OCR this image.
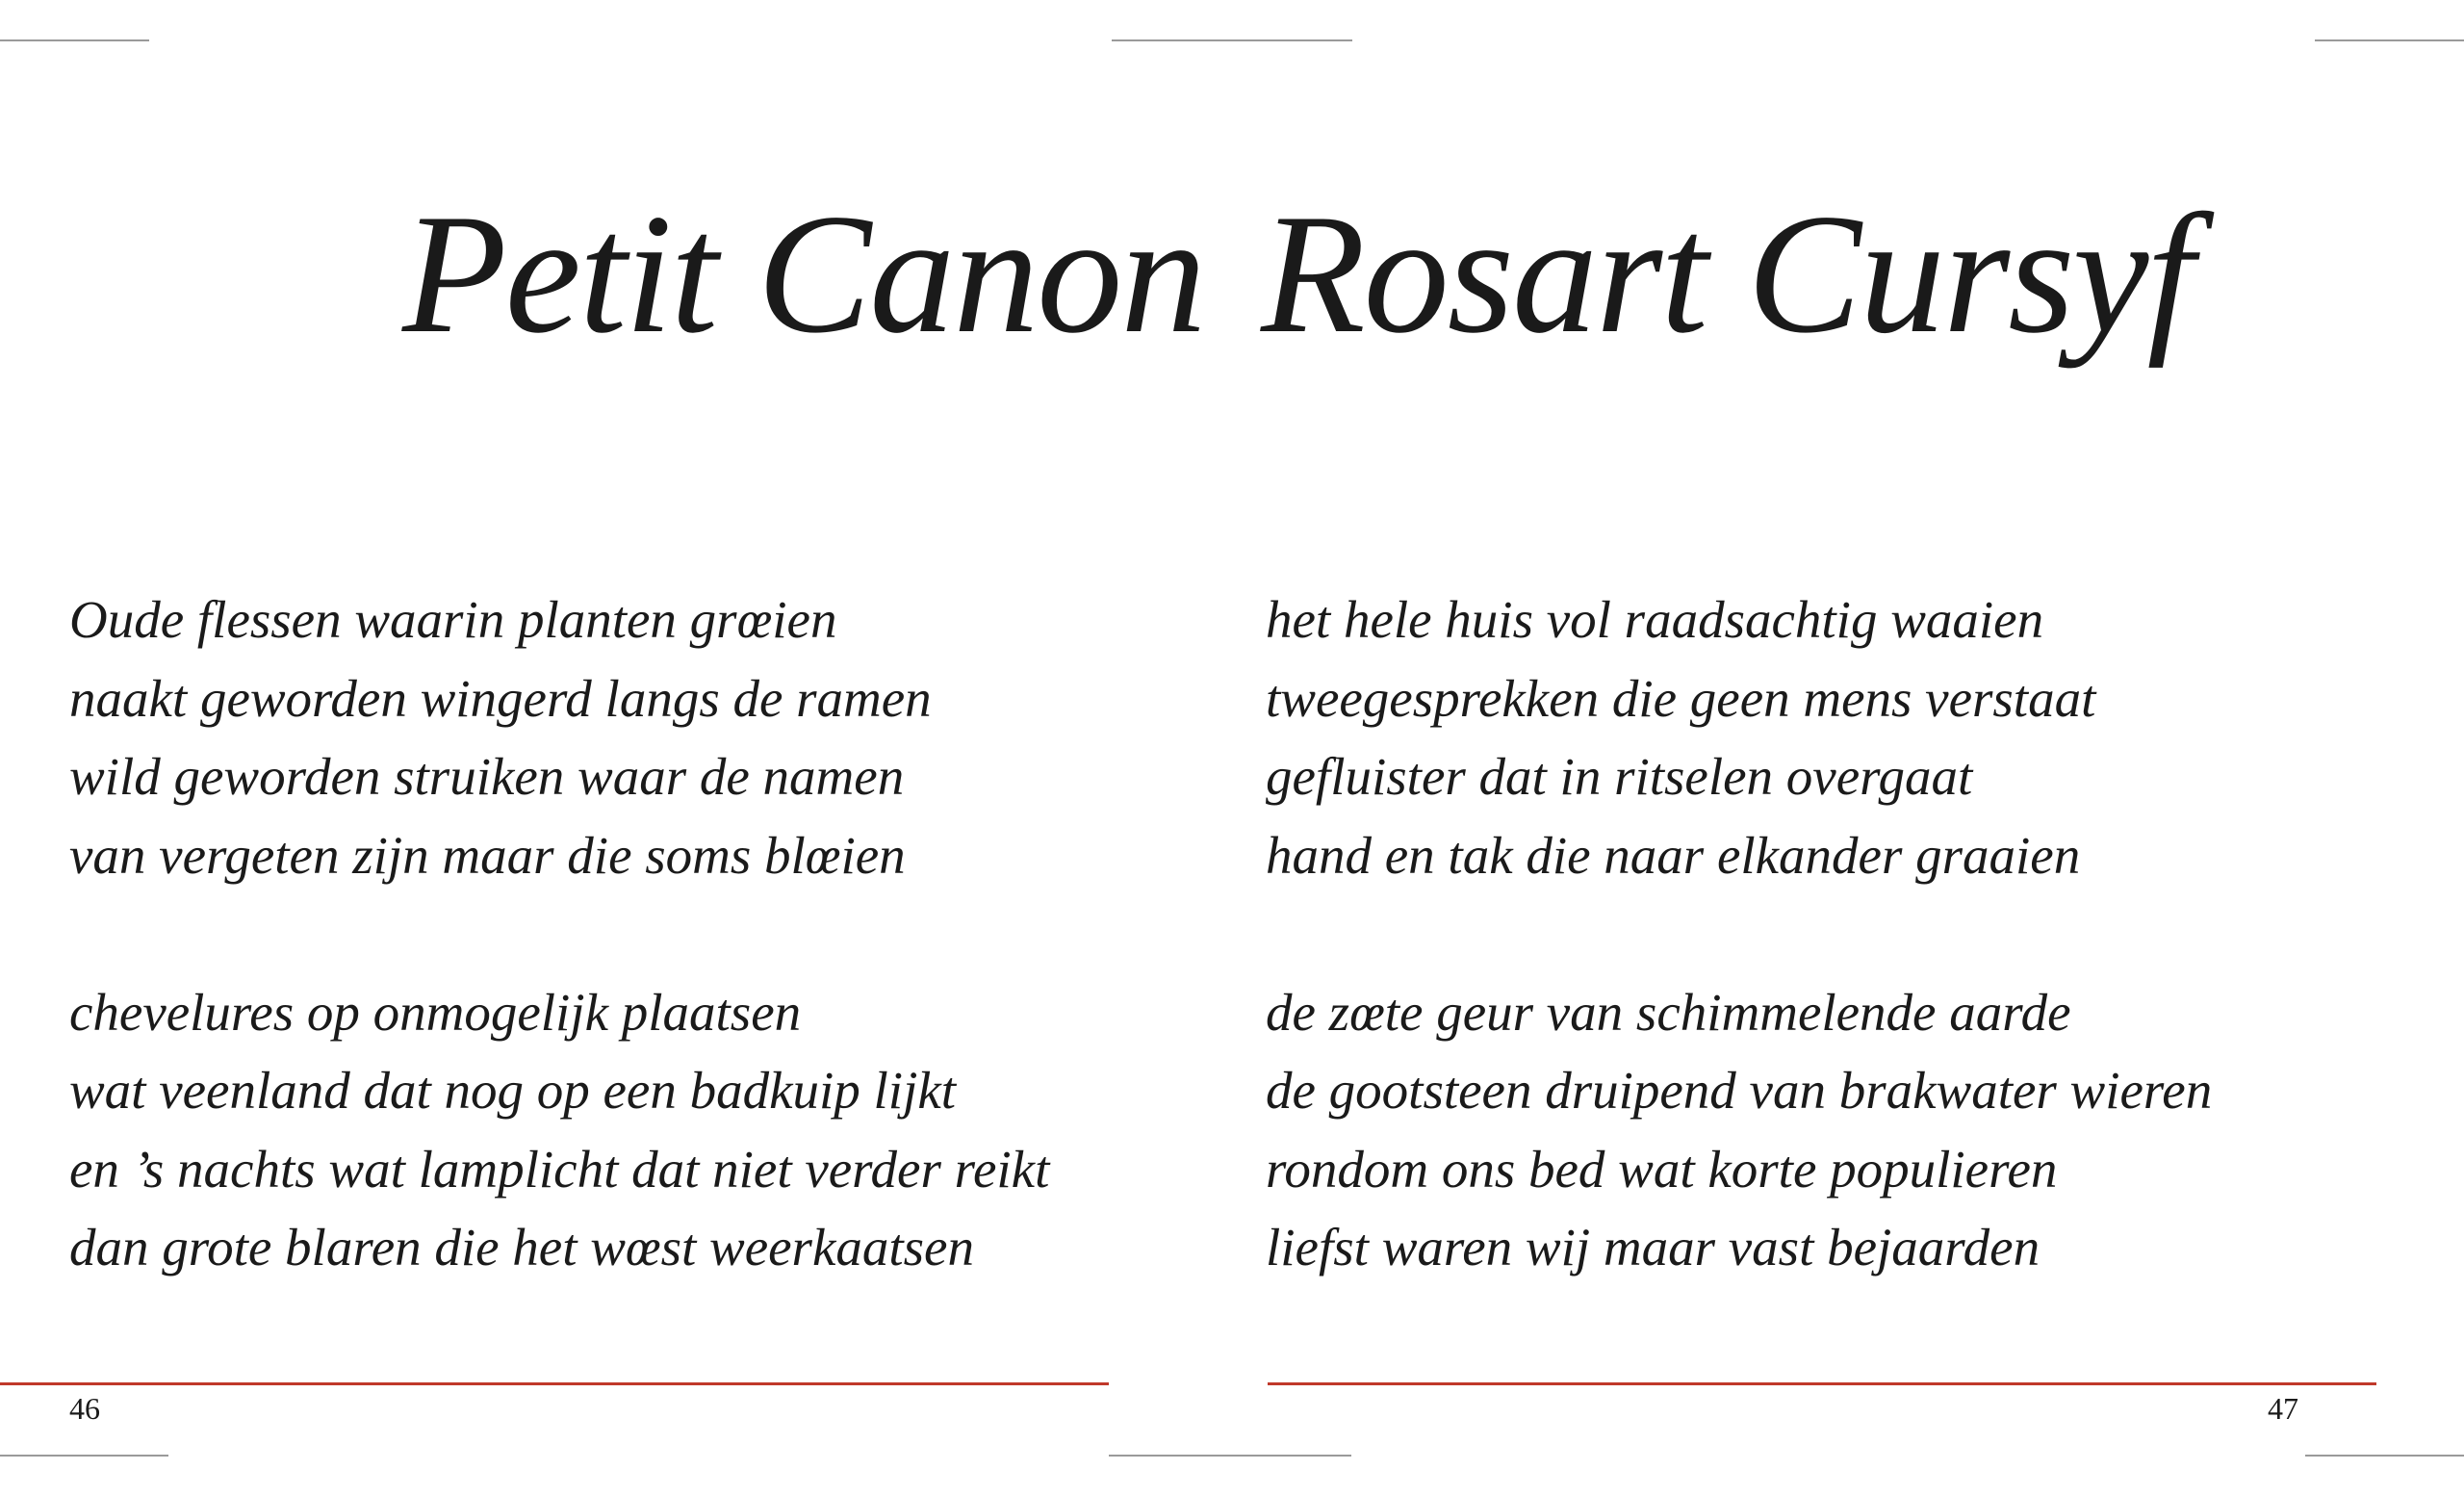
Petit Canon Rosart Cursyf
Oude flessen waarin planten grœien
naakt geworden wingerd langs de ramen
wild geworden struiken waar de namen
van vergeten zijn maar die soms blœien
chevelures op onmogelijk plaatsen
wat veenland dat nog op een badkuip lijkt
en ’s nachts wat lamplicht dat niet verder reikt
dan grote blaren die het wœst weerkaatsen
het hele huis vol raadsachtig waaien
tweegesprekken die geen mens verstaat
gefluister dat in ritselen overgaat
hand en tak die naar elkander graaien
de zœte geur van schimmelende aarde
de gootsteen druipend van brakwater wieren
rondom ons bed wat korte populieren
liefst waren wij maar vast bejaarden
46	47
